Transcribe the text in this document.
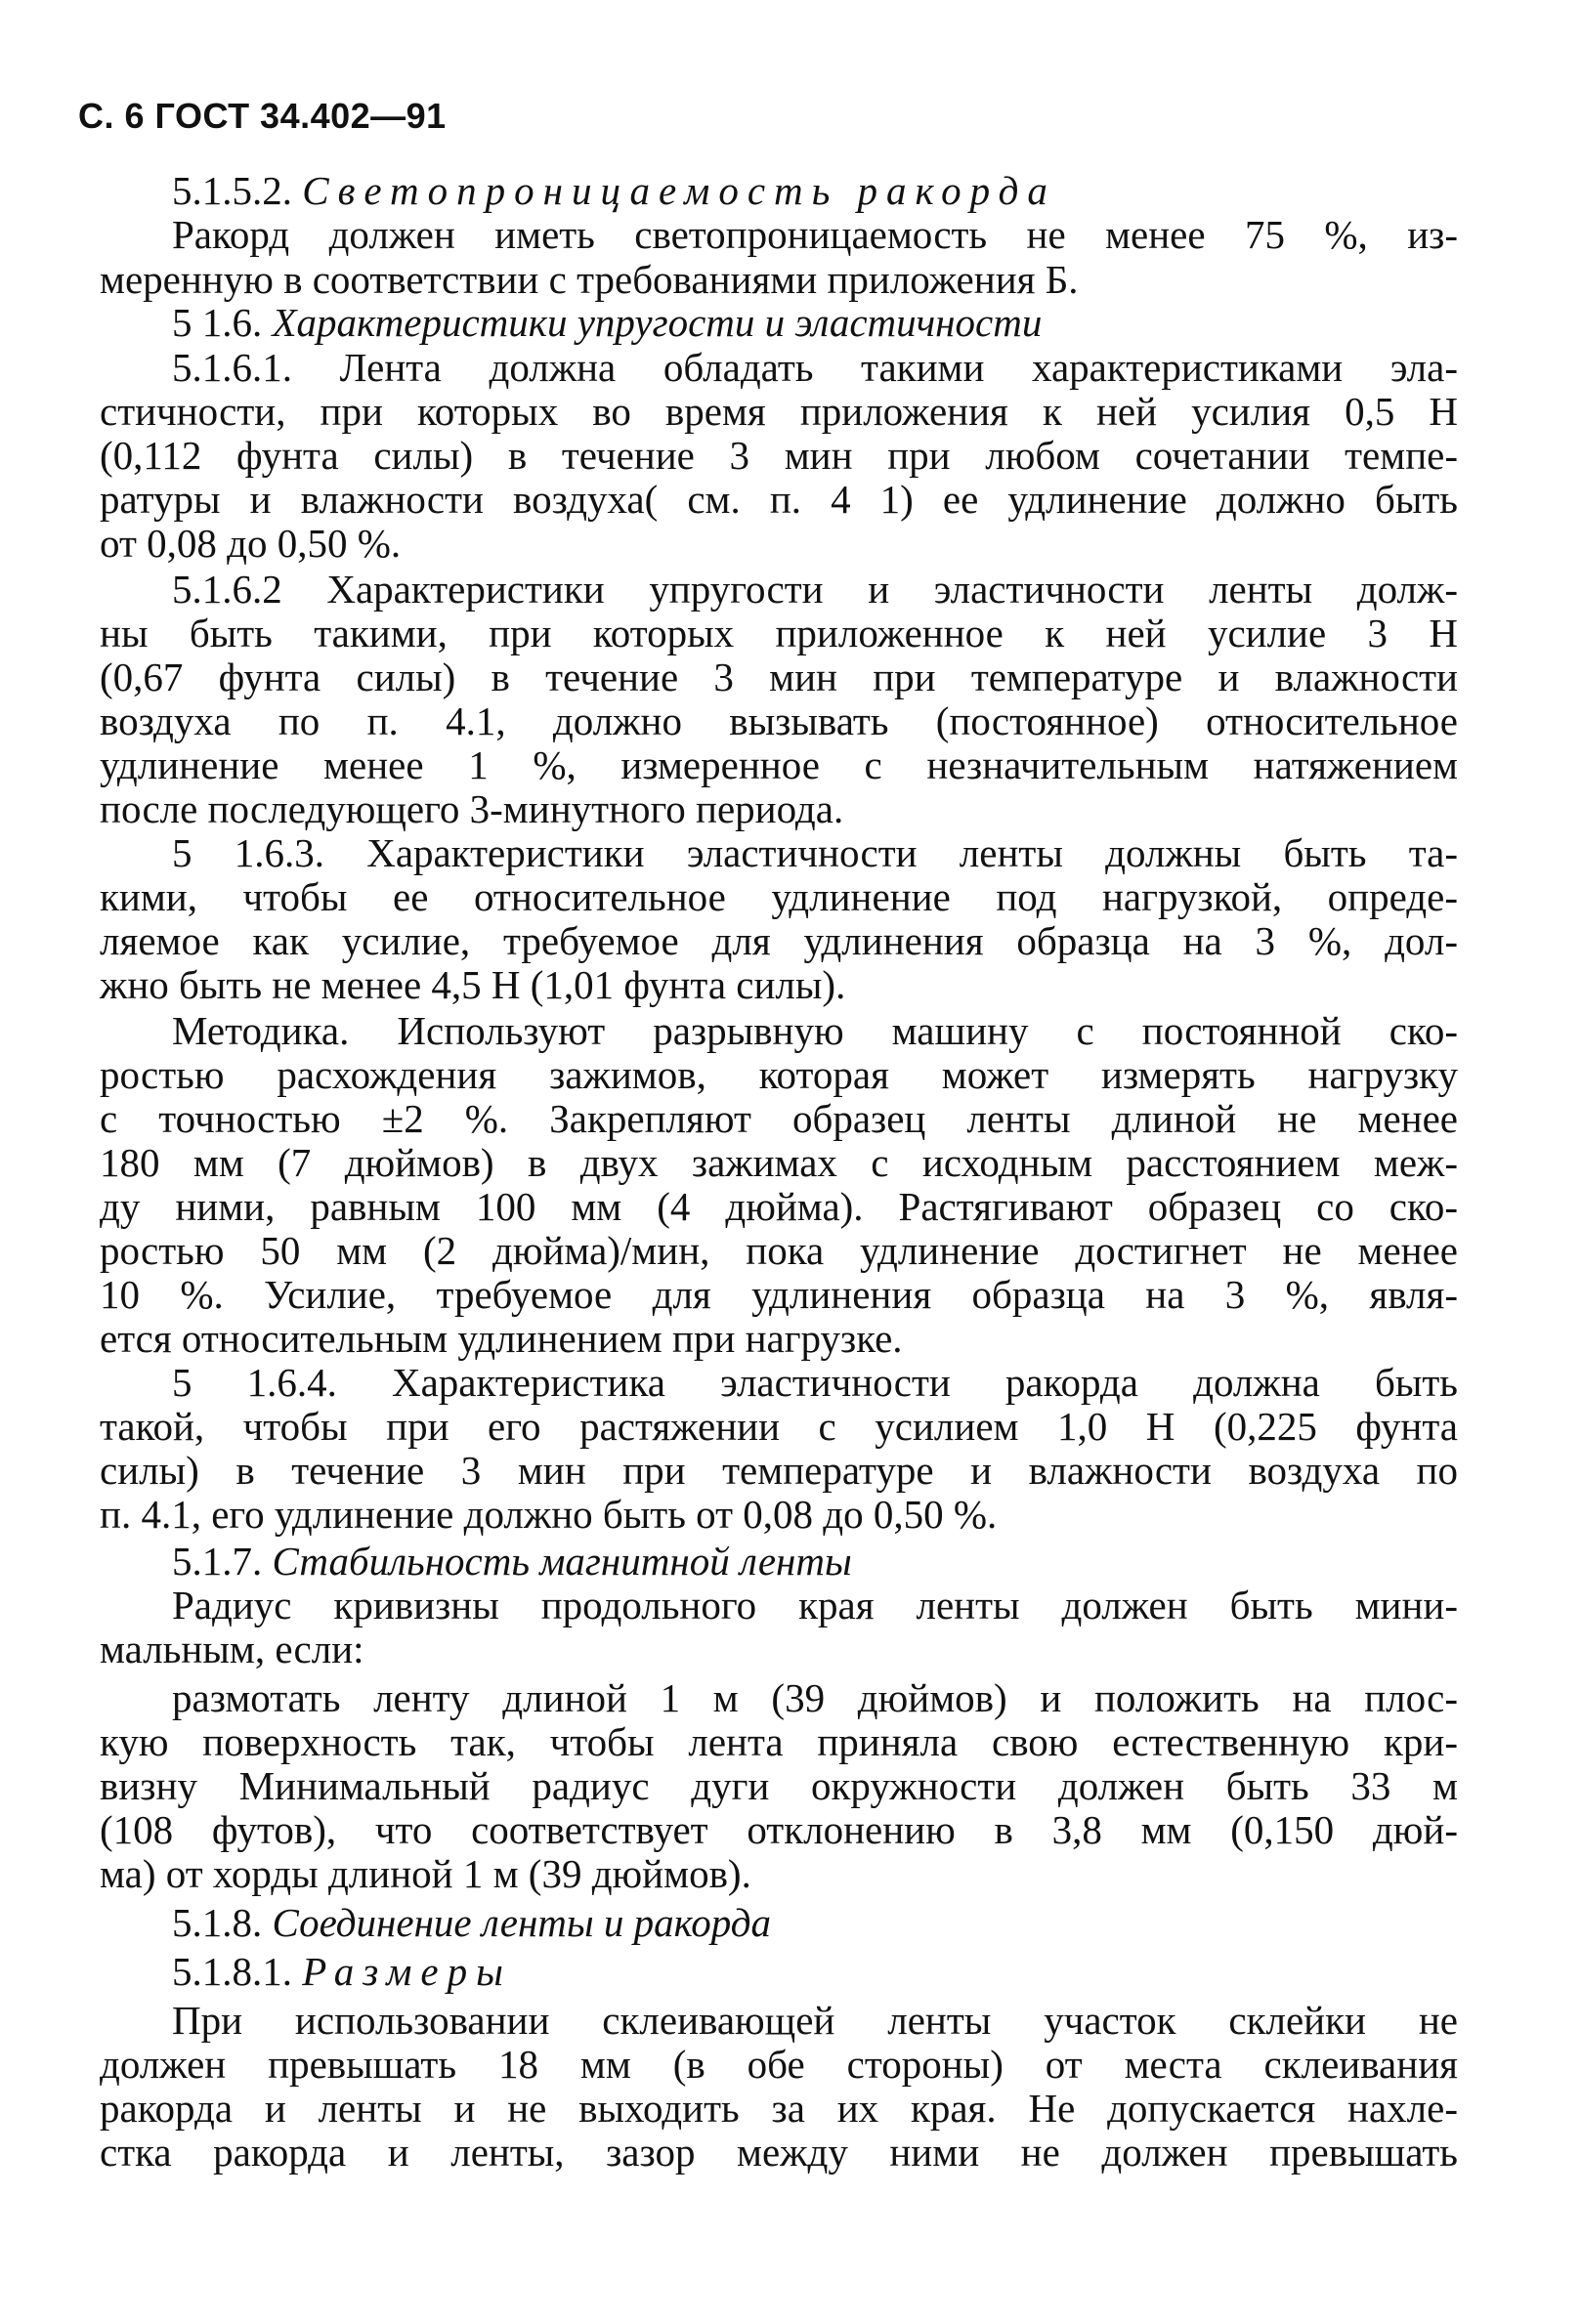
С. 6 ГОСТ 34.402—91
5.1.5.2. Светопроницаемость ракорда
Ракорд должен иметь светопроницаемость не менее 75 %, из-
меренную в соответствии с требованиями приложения Б.
5 1.6. Характеристики упругости и эластичности
5.1.6.1. Лента должна обладать такими характеристиками эла-
стичности, при которых во время приложения к ней усилия 0,5 Н
(0,112 фунта силы) в течение 3 мин при любом сочетании темпе-
ратуры и влажности воздуха( см. п. 4 1) ее удлинение должно быть
от 0,08 до 0,50 %.
5.1.6.2 Характеристики упругости и эластичности ленты долж-
ны быть такими, при которых приложенное к ней усилие 3 Н
(0,67 фунта силы) в течение 3 мин при температуре и влажности
воздуха по п. 4.1, должно вызывать (постоянное) относительное
удлинение менее 1 %, измеренное с незначительным натяжением
после последующего 3-минутного периода.
5 1.6.3. Характеристики эластичности ленты должны быть та-
кими, чтобы ее относительное удлинение под нагрузкой, опреде-
ляемое как усилие, требуемое для удлинения образца на 3 %, дол-
жно быть не менее 4,5 Н (1,01 фунта силы).
Методика. Используют разрывную машину с постоянной ско-
ростью расхождения зажимов, которая может измерять нагрузку
с точностью ±2 %. Закрепляют образец ленты длиной не менее
180 мм (7 дюймов) в двух зажимах с исходным расстоянием меж-
ду ними, равным 100 мм (4 дюйма). Растягивают образец со ско-
ростью 50 мм (2 дюйма)/мин, пока удлинение достигнет не менее
10 %. Усилие, требуемое для удлинения образца на 3 %, явля-
ется относительным удлинением при нагрузке.
5 1.6.4. Характеристика эластичности ракорда должна быть
такой, чтобы при его растяжении с усилием 1,0 Н (0,225 фунта
силы) в течение 3 мин при температуре и влажности воздуха по
п. 4.1, его удлинение должно быть от 0,08 до 0,50 %.
5.1.7. Стабильность магнитной ленты
Радиус кривизны продольного края ленты должен быть мини-
мальным, если:
размотать ленту длиной 1 м (39 дюймов) и положить на плос-
кую поверхность так, чтобы лента приняла свою естественную кри-
визну Минимальный радиус дуги окружности должен быть 33 м
(108 футов), что соответствует отклонению в 3,8 мм (0,150 дюй-
ма) от хорды длиной 1 м (39 дюймов).
5.1.8. Соединение ленты и ракорда
5.1.8.1. Размеры
При использовании склеивающей ленты участок склейки не
должен превышать 18 мм (в обе стороны) от места склеивания
ракорда и ленты и не выходить за их края. Не допускается нахле-
стка ракорда и ленты, зазор между ними не должен превышать
